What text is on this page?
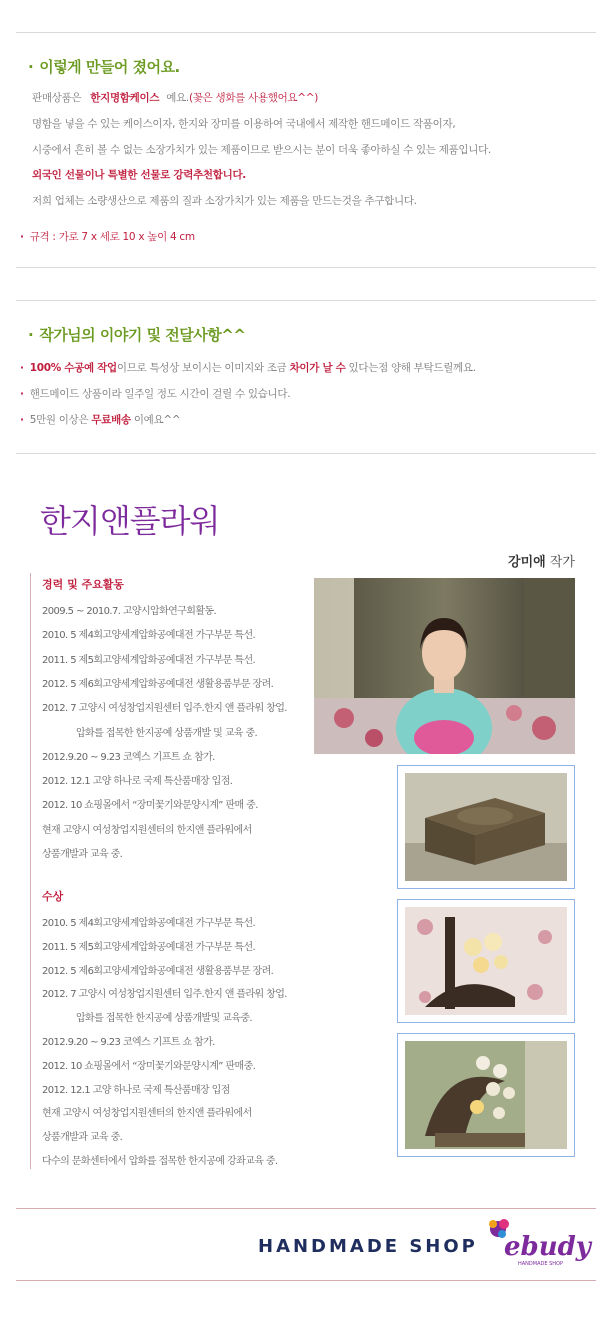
· 이렇게 만들어 졌어요.
판매상품은 한지명함케이스 예요.(꽃은 생화를 사용했어요^^)
명함을 넣을 수 있는 케이스이자, 한지와 장미를 이용하여 국내에서 제작한 핸드메이드 작품이자,
시중에서 흔히 볼 수 없는 소장가치가 있는 제품이므로 받으시는 분이 더욱 좋아하실 수 있는 제품입니다.
외국인 선물이나 특별한 선물로 강력추천합니다.
저희 업체는 소량생산으로 제품의 질과 소장가치가 있는 제품을 만드는것을 추구합니다.
· 규격 : 가로 7 x 세로 10 x 높이 4 cm
· 작가님의 이야기 및 전달사항^^
· 100% 수공예 작업이므로 특성상 보이시는 이미지와 조금 차이가 날 수 있다는점 양해 부탁드릴께요.
· 핸드메이드 상품이라 일주일 정도 시간이 걸릴 수 있습니다.
· 5만원 이상은 무료배송 이예요^^
한지앤플라워
강미애 작가
경력 및 주요활동
2009.5 ~ 2010.7. 고양시압화연구회활동.
2010. 5 제4회고양세계압화공예대전 가구부문 특선.
2011. 5 제5회고양세계압화공예대전 가구부문 특선.
2012. 5 제6회고양세계압화공예대전 생활용품부문 장려.
2012. 7 고양시 여성창업지원센터 입주.한지 앤 플라워 창업.
압화를 접목한 한지공예 상품개발 및 교육 중.
2012.9.20 ~ 9.23 코엑스 기프트 쇼 참가.
2012. 12.1 고양 하나로 국제 특산품매장 입점.
2012. 10 쇼핑몰에서 “장미꽃기와문양시계” 판매 중.
현재 고양시 여성창업지원센터의 한지앤 플라워에서
상품개발과 교육 중.
수상
2010. 5 제4회고양세계압화공예대전 가구부문 특선.
2011. 5 제5회고양세계압화공예대전 가구부문 특선.
2012. 5 제6회고양세계압화공예대전 생활용품부문 장려.
2012. 7 고양시 여성창업지원센터 입주.한지 앤 플라워 창업.
압화를 접목한 한지공예 상품개발및 교육중.
2012.9.20 ~ 9.23 코엑스 기프트 쇼 참가.
2012. 10 쇼핑몰에서 “장미꽃기와문양시계” 판매중.
2012. 12.1 고양 하나로 국제 특산품매장 입점
현재 고양시 여성창업지원센터의 한지앤 플라워에서
상품개발과 교육 중.
다수의 문화센터에서 압화를 접목한 한지공예 강좌교육 중.
HANDMADE SHOP ebudy
HANDMADE SHOP
